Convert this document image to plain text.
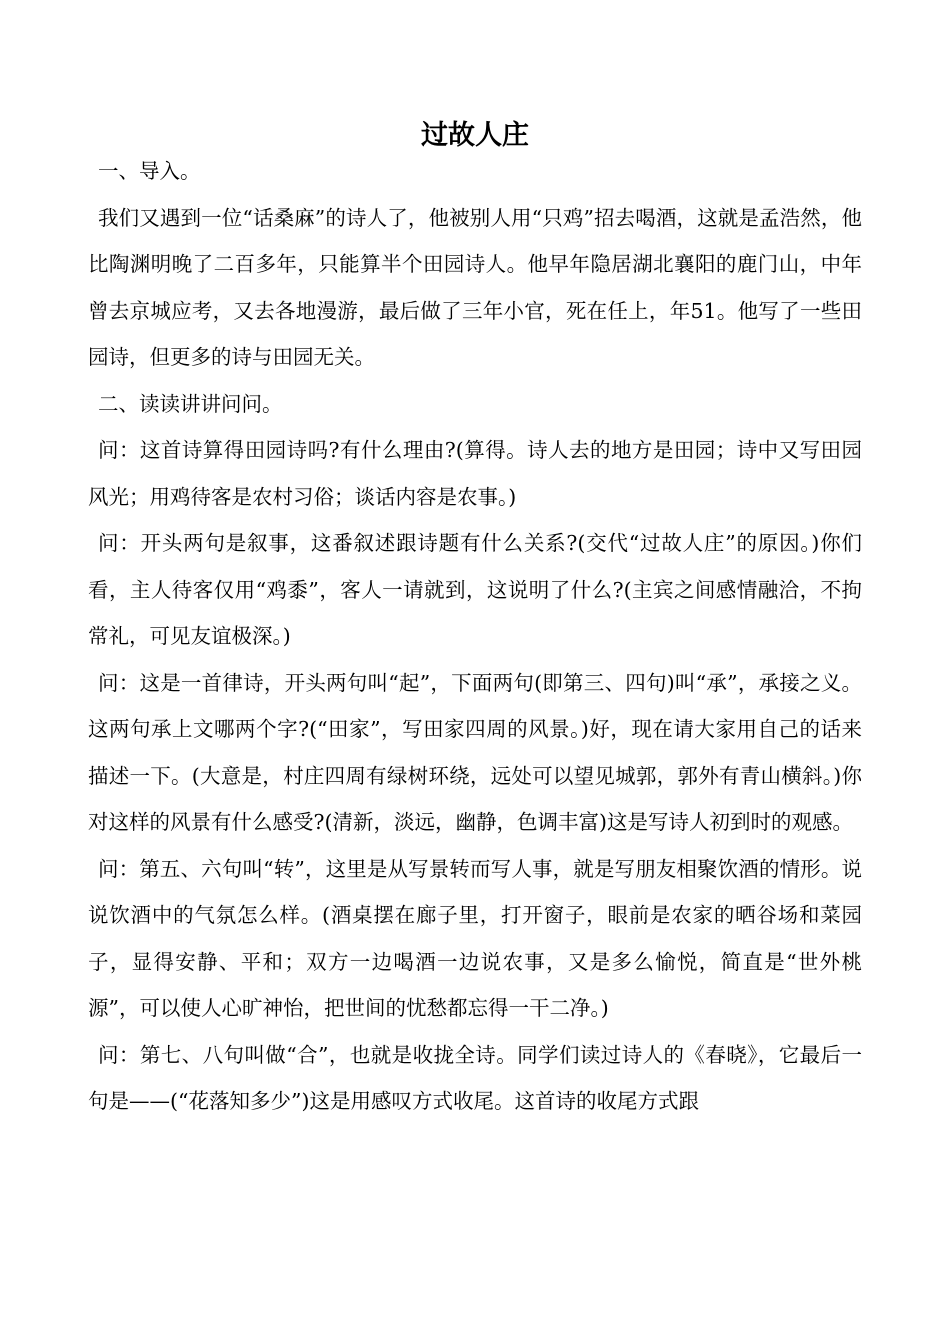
过故人庄

一、导入。

我们又遇到一位“话桑麻”的诗人了，他被别人用“只鸡”招去喝酒，这就是孟浩然，他比陶渊明晚了二百多年，只能算半个田园诗人。他早年隐居湖北襄阳的鹿门山，中年曾去京城应考，又去各地漫游，最后做了三年小官，死在任上，年51。他写了一些田园诗，但更多的诗与田园无关。

二、读读讲讲问问。

问：这首诗算得田园诗吗?有什么理由?(算得。诗人去的地方是田园；诗中又写田园风光；用鸡待客是农村习俗；谈话内容是农事。)

问：开头两句是叙事，这番叙述跟诗题有什么关系?(交代“过故人庄”的原因。)你们看，主人待客仅用“鸡黍”，客人一请就到，这说明了什么?(主宾之间感情融洽，不拘常礼，可见友谊极深。)

问：这是一首律诗，开头两句叫“起”，下面两句(即第三、四句)叫“承”，承接之义。这两句承上文哪两个字?(“田家”，写田家四周的风景。)好，现在请大家用自己的话来描述一下。(大意是，村庄四周有绿树环绕，远处可以望见城郭，郭外有青山横斜。)你对这样的风景有什么感受?(清新，淡远，幽静，色调丰富)这是写诗人初到时的观感。

问：第五、六句叫“转”，这里是从写景转而写人事，就是写朋友相聚饮酒的情形。说说饮酒中的气氛怎么样。(酒桌摆在廊子里，打开窗子，眼前是农家的晒谷场和菜园子，显得安静、平和；双方一边喝酒一边说农事，又是多么愉悦，简直是“世外桃源”，可以使人心旷神怡，把世间的忧愁都忘得一干二净。)

问：第七、八句叫做“合”，也就是收拢全诗。同学们读过诗人的《春晓》，它最后一句是——(“花落知多少”)这是用感叹方式收尾。这首诗的收尾方式跟
